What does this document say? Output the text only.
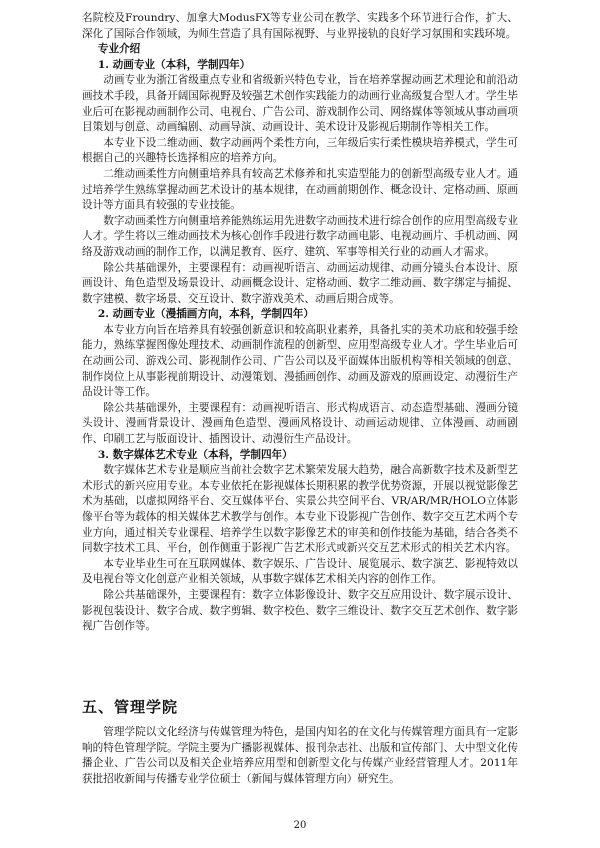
名院校及Froundry、加拿大ModusFX等专业公司在教学、实践多个环节进行合作，扩大、深化了国际合作领域，为师生营造了具有国际视野、与业界接轨的良好学习氛围和实践环境。

专业介绍

1. 动画专业（本科，学制四年）

动画专业为浙江省级重点专业和省级新兴特色专业，旨在培养掌握动画艺术理论和前沿动画技术手段，具备开阔国际视野及较强艺术创作实践能力的动画行业高级复合型人才。学生毕业后可在影视动画制作公司、电视台、广告公司、游戏制作公司、网络媒体等领域从事动画项目策划与创意、动画编剧、动画导演、动画设计、美术设计及影视后期制作等相关工作。

本专业下设二维动画、数字动画两个柔性方向，三年级后实行柔性模块培养模式，学生可根据自己的兴趣特长选择相应的培养方向。

二维动画柔性方向侧重培养具有较高艺术修养和扎实造型能力的创新型高级专业人才。通过培养学生熟练掌握动画艺术设计的基本规律，在动画前期创作、概念设计、定格动画、原画设计等方面具有较强的专业技能。

数字动画柔性方向侧重培养能熟练运用先进数字动画技术进行综合创作的应用型高级专业人才。学生将以三维动画技术为核心创作手段进行数字动画电影、电视动画片、手机动画、网络及游戏动画的制作工作，以满足教育、医疗、建筑、军事等相关行业的动画人才需求。

除公共基础课外，主要课程有：动画视听语言、动画运动规律、动画分镜头台本设计、原画设计、角色造型及场景设计、动画概念设计、定格动画、数字二维动画、数字绑定与捕捉、数字建模、数字场景、交互设计、数字游戏美术、动画后期合成等。

2. 动画专业（漫插画方向，本科，学制四年）

本专业方向旨在培养具有较强创新意识和较高职业素养，具备扎实的美术功底和较强手绘能力，熟练掌握图像处理技术、动画制作流程的创新型、应用型高级专业人才。学生毕业后可在动画公司、游戏公司、影视制作公司、广告公司以及平面媒体出版机构等相关领域的创意、制作岗位上从事影视前期设计、动漫策划、漫插画创作、动画及游戏的原画设定、动漫衍生产品设计等工作。

除公共基础课外，主要课程有：动画视听语言、形式构成语言、动态造型基础、漫画分镜头设计、漫画背景设计、漫画角色造型、漫画风格设计、动画运动规律、立体漫画、动画剧作、印刷工艺与版面设计、插图设计、动漫衍生产品设计。

3. 数字媒体艺术专业（本科，学制四年）

数字媒体艺术专业是顺应当前社会数字艺术繁荣发展大趋势，融合高新数字技术及新型艺术形式的新兴应用专业。本专业依托在影视媒体长期积累的教学优势资源，开展以视觉影像艺术为基础，以虚拟网络平台、交互媒体平台、实景公共空间平台、VR/AR/MR/HOLO立体影像平台等为载体的相关媒体艺术教学与创作。本专业下设影视广告创作、数字交互艺术两个专业方向，通过相关专业课程、培养学生以数字影像艺术的审美和创作技能为基础，结合各类不同数字技术工具、平台，创作侧重于影视广告艺术形式或新兴交互艺术形式的相关艺术内容。

本专业毕业生可在互联网媒体、数字娱乐、广告设计、展览展示、数字演艺、影视特效以及电视台等文化创意产业相关领域，从事数字媒体艺术相关内容的创作工作。

除公共基础课外，主要课程有：数字立体影像设计、数字交互应用设计、数字展示设计、影视包装设计、数字合成、数字剪辑、数字校色、数字三维设计、数字交互艺术创作、数字影视广告创作等。

五、管理学院

管理学院以文化经济与传媒管理为特色，是国内知名的在文化与传媒管理方面具有一定影响的特色管理学院。学院主要为广播影视媒体、报刊杂志社、出版和宣传部门、大中型文化传播企业、广告公司以及相关企业培养应用型和创新型文化与传媒产业经营管理人才。2011年获批招收新闻与传播专业学位硕士（新闻与媒体管理方向）研究生。

20
